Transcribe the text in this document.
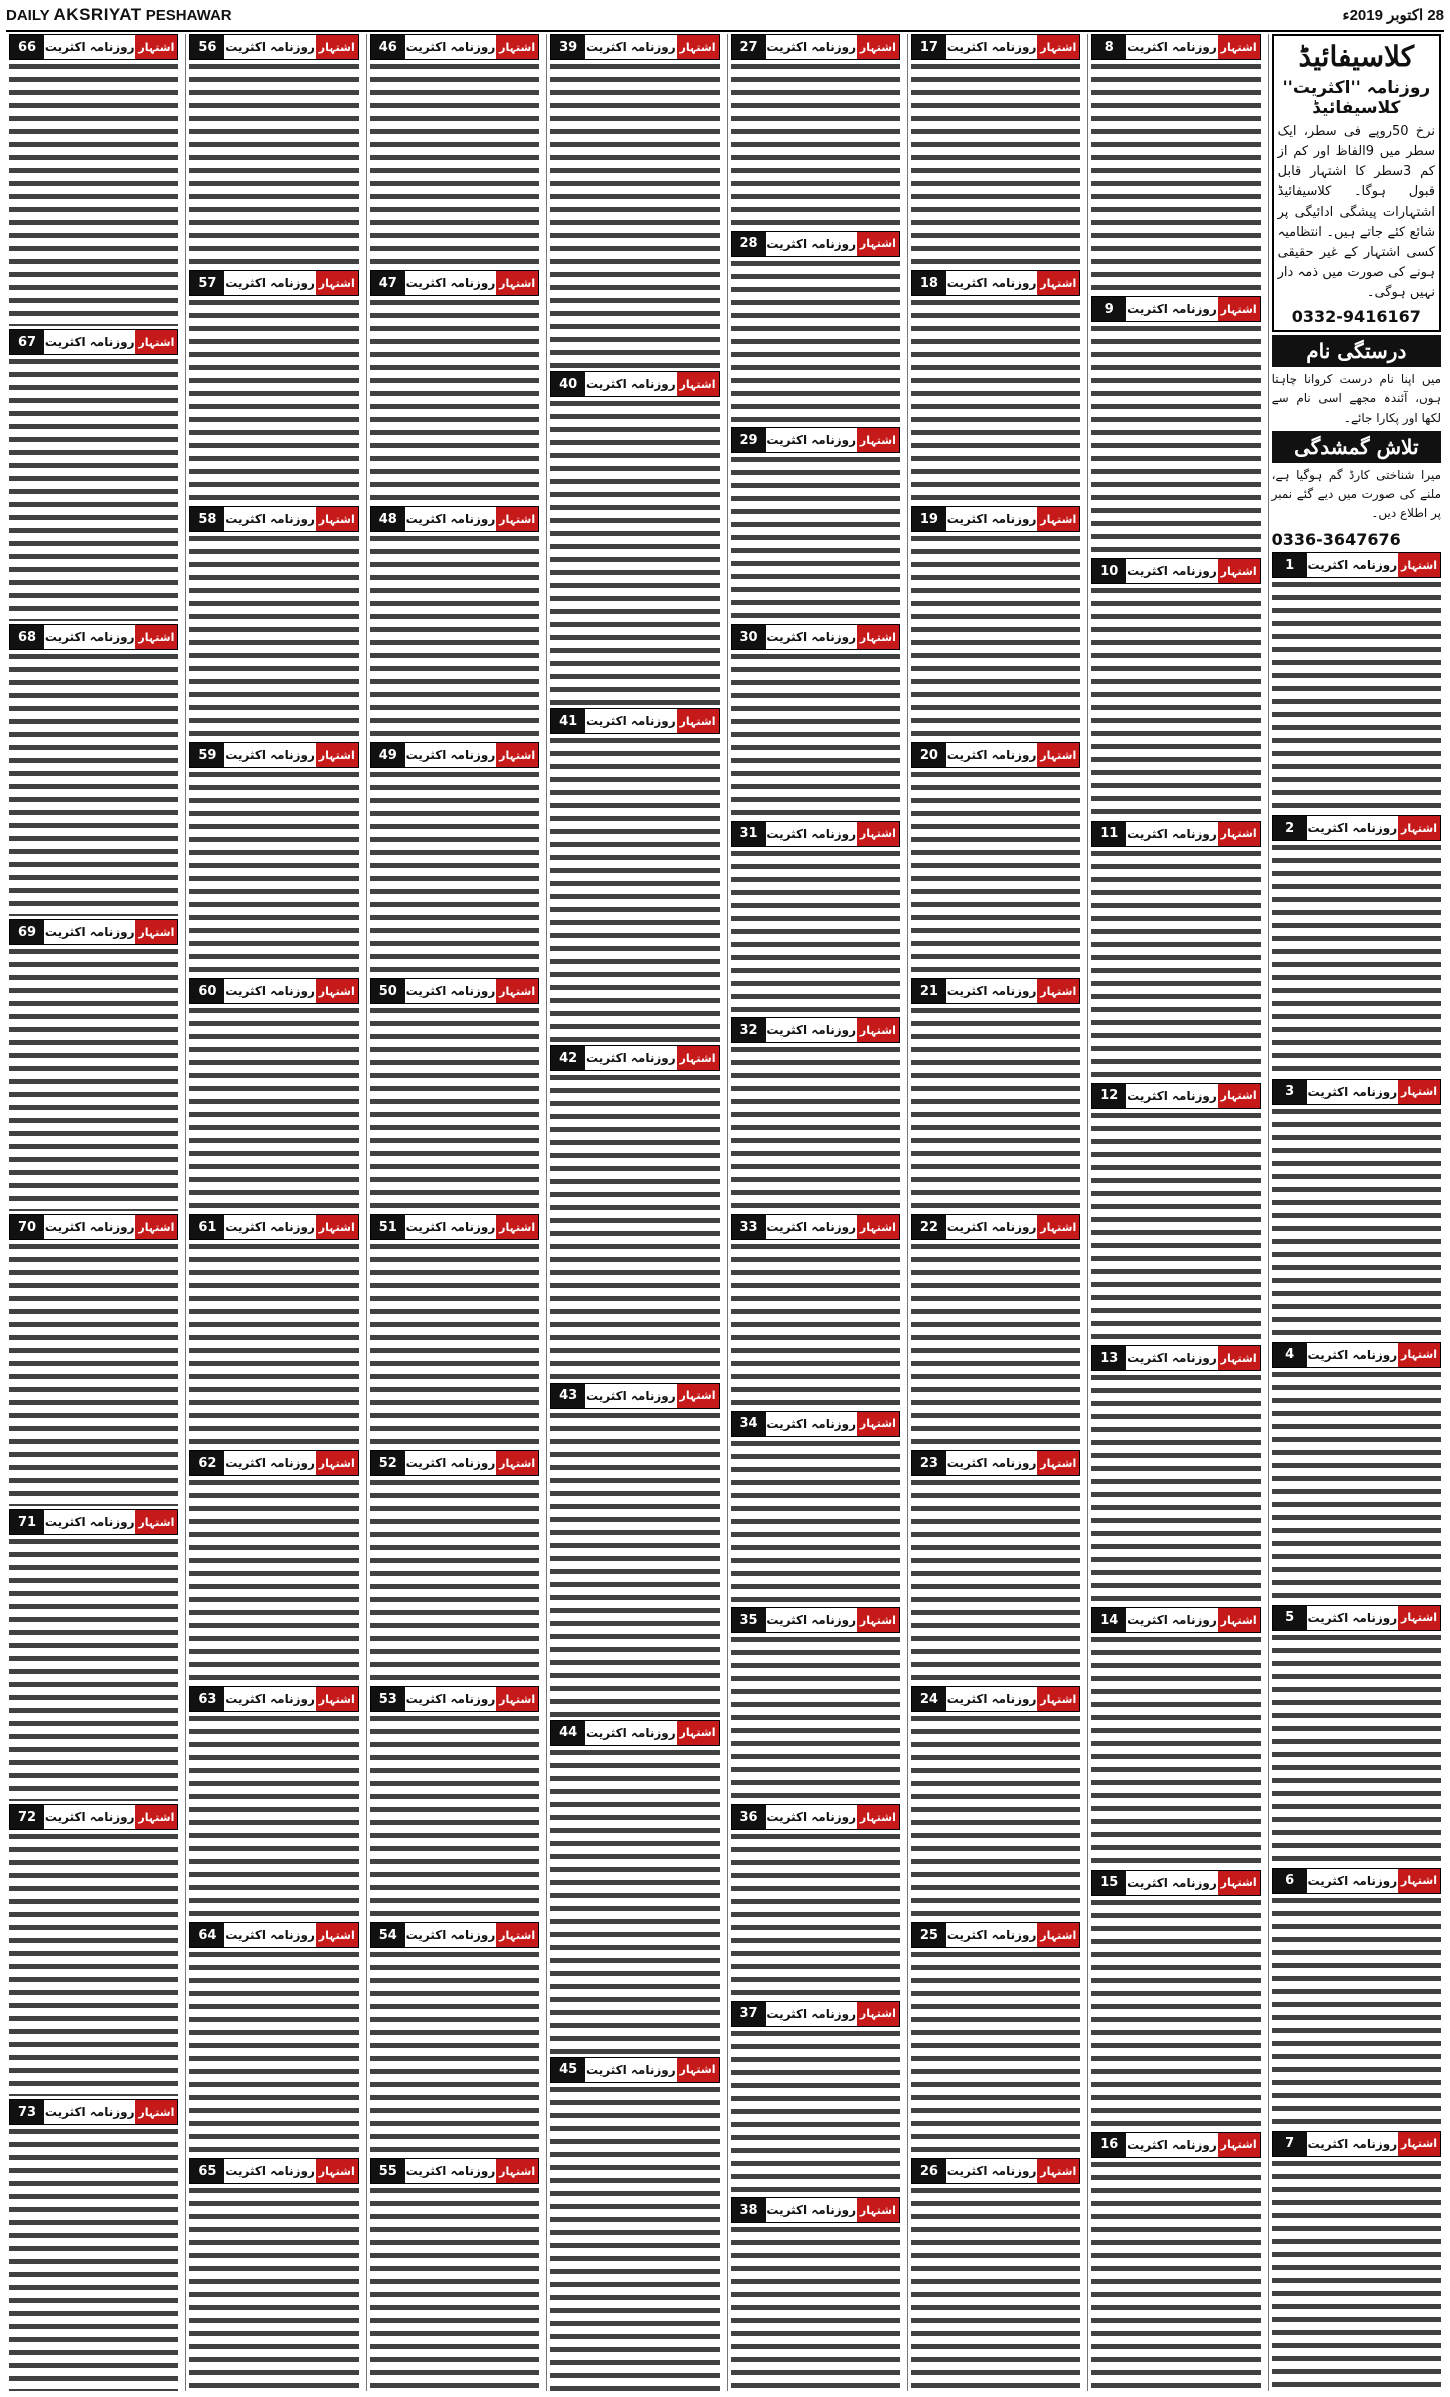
DAILY AKSRIYAT PESHAWAR	28 اکتوبر 2019ء
کلاسیفائیڈ
روزنامہ ''اکثریت'' کلاسیفائیڈ
نرخ 50روپے فی سطر، ایک سطر میں 9الفاظ اور کم از کم 3سطر کا اشتہار قابل قبول ہوگا۔ کلاسیفائیڈ اشتہارات پیشگی ادائیگی پر شائع کئے جاتے ہیں۔ انتظامیہ کسی اشتہار کے غیر حقیقی ہونے کی صورت میں ذمہ دار نہیں ہوگی۔
0332-9416167
درستگی نام
میں اپنا نام درست کروانا چاہتا ہوں، آئندہ مجھے اسی نام سے لکھا اور پکارا جائے۔
تلاش گمشدگی
میرا شناختی کارڈ گم ہوگیا ہے، ملنے کی صورت میں دیے گئے نمبر پر اطلاع دیں۔
0336-3647676
1	روزنامہ اکثریت اشتہار
2	روزنامہ اکثریت اشتہار
3	روزنامہ اکثریت اشتہار
4	روزنامہ اکثریت اشتہار
5	روزنامہ اکثریت اشتہار
6	روزنامہ اکثریت اشتہار
7	روزنامہ اکثریت اشتہار
8	روزنامہ اکثریت اشتہار
9	روزنامہ اکثریت اشتہار
10 روزنامہ اکثریت اشتہار
11 روزنامہ اکثریت اشتہار
12 روزنامہ اکثریت اشتہار
13 روزنامہ اکثریت اشتہار
14 روزنامہ اکثریت اشتہار
15 روزنامہ اکثریت اشتہار
16 روزنامہ اکثریت اشتہار
17 روزنامہ اکثریت اشتہار
18 روزنامہ اکثریت اشتہار
19 روزنامہ اکثریت اشتہار
20 روزنامہ اکثریت اشتہار
21 روزنامہ اکثریت اشتہار
22 روزنامہ اکثریت اشتہار
23 روزنامہ اکثریت اشتہار
24 روزنامہ اکثریت اشتہار
25 روزنامہ اکثریت اشتہار
26 روزنامہ اکثریت اشتہار
27 روزنامہ اکثریت اشتہار
28 روزنامہ اکثریت اشتہار
29 روزنامہ اکثریت اشتہار
30 روزنامہ اکثریت اشتہار
31 روزنامہ اکثریت اشتہار
32 روزنامہ اکثریت اشتہار
33 روزنامہ اکثریت اشتہار
34 روزنامہ اکثریت اشتہار
35 روزنامہ اکثریت اشتہار
36 روزنامہ اکثریت اشتہار
37 روزنامہ اکثریت اشتہار
38 روزنامہ اکثریت اشتہار
39 روزنامہ اکثریت اشتہار
40 روزنامہ اکثریت اشتہار
41 روزنامہ اکثریت اشتہار
42 روزنامہ اکثریت اشتہار
43 روزنامہ اکثریت اشتہار
44 روزنامہ اکثریت اشتہار
45 روزنامہ اکثریت اشتہار
46 روزنامہ اکثریت اشتہار
47 روزنامہ اکثریت اشتہار
48 روزنامہ اکثریت اشتہار
49 روزنامہ اکثریت اشتہار
50 روزنامہ اکثریت اشتہار
51 روزنامہ اکثریت اشتہار
52 روزنامہ اکثریت اشتہار
53 روزنامہ اکثریت اشتہار
54 روزنامہ اکثریت اشتہار
55 روزنامہ اکثریت اشتہار
56 روزنامہ اکثریت اشتہار
57 روزنامہ اکثریت اشتہار
58 روزنامہ اکثریت اشتہار
59 روزنامہ اکثریت اشتہار
60 روزنامہ اکثریت اشتہار
61 روزنامہ اکثریت اشتہار
62 روزنامہ اکثریت اشتہار
63 روزنامہ اکثریت اشتہار
64 روزنامہ اکثریت اشتہار
65 روزنامہ اکثریت اشتہار
66 روزنامہ اکثریت اشتہار
67 روزنامہ اکثریت اشتہار
68 روزنامہ اکثریت اشتہار
69 روزنامہ اکثریت اشتہار
70 روزنامہ اکثریت اشتہار
71 روزنامہ اکثریت اشتہار
72 روزنامہ اکثریت اشتہار
73 روزنامہ اکثریت اشتہار
